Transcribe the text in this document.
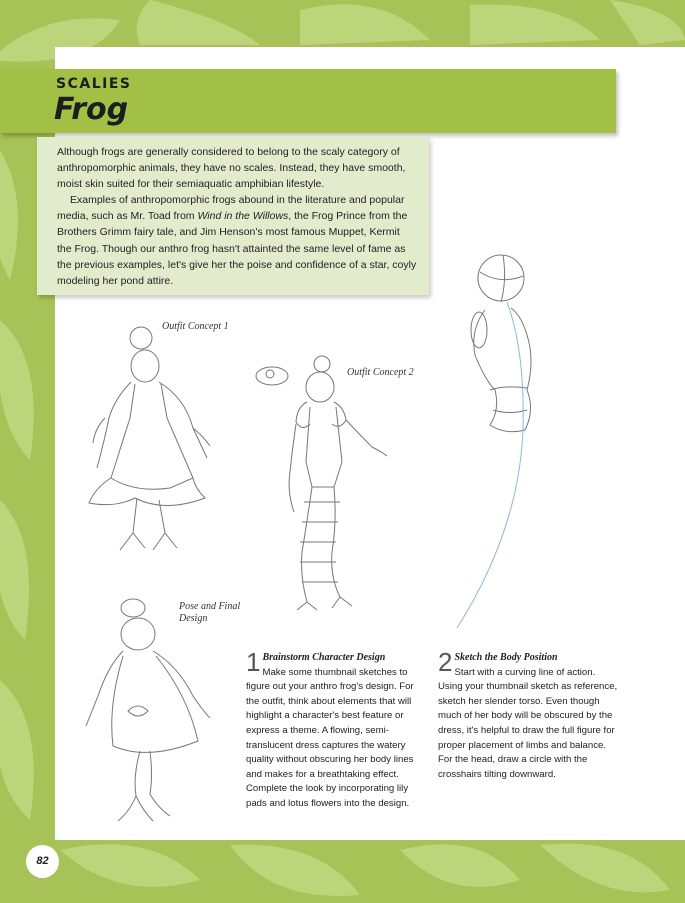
SCALIES
Frog

Although frogs are generally considered to belong to the scaly category of anthropomorphic animals, they have no scales. Instead, they have smooth, moist skin suited for their semiaquatic amphibian lifestyle.

Examples of anthropomorphic frogs abound in the literature and popular media, such as Mr. Toad from Wind in the Willows, the Frog Prince from the Brothers Grimm fairy tale, and Jim Henson's most famous Muppet, Kermit the Frog. Though our anthro frog hasn't attainted the same level of fame as the previous examples, let's give her the poise and confidence of a star, coyly modeling her pond attire.

Outfit Concept 1
Outfit Concept 2
Pose and Final
Design
1 Brainstorm Character Design
Make some thumbnail sketches to figure out your anthro frog's design. For the outfit, think about elements that will highlight a character's best feature or express a theme. A flowing, semi-translucent dress captures the watery quality without obscuring her body lines and makes for a breathtaking effect. Complete the look by incorporating lily pads and lotus flowers into the design.
2 Sketch the Body Position
Start with a curving line of action. Using your thumbnail sketch as reference, sketch her slender torso. Even though much of her body will be obscured by the dress, it's helpful to draw the full figure for proper placement of limbs and balance. For the head, draw a circle with the crosshairs tilting downward.
82
